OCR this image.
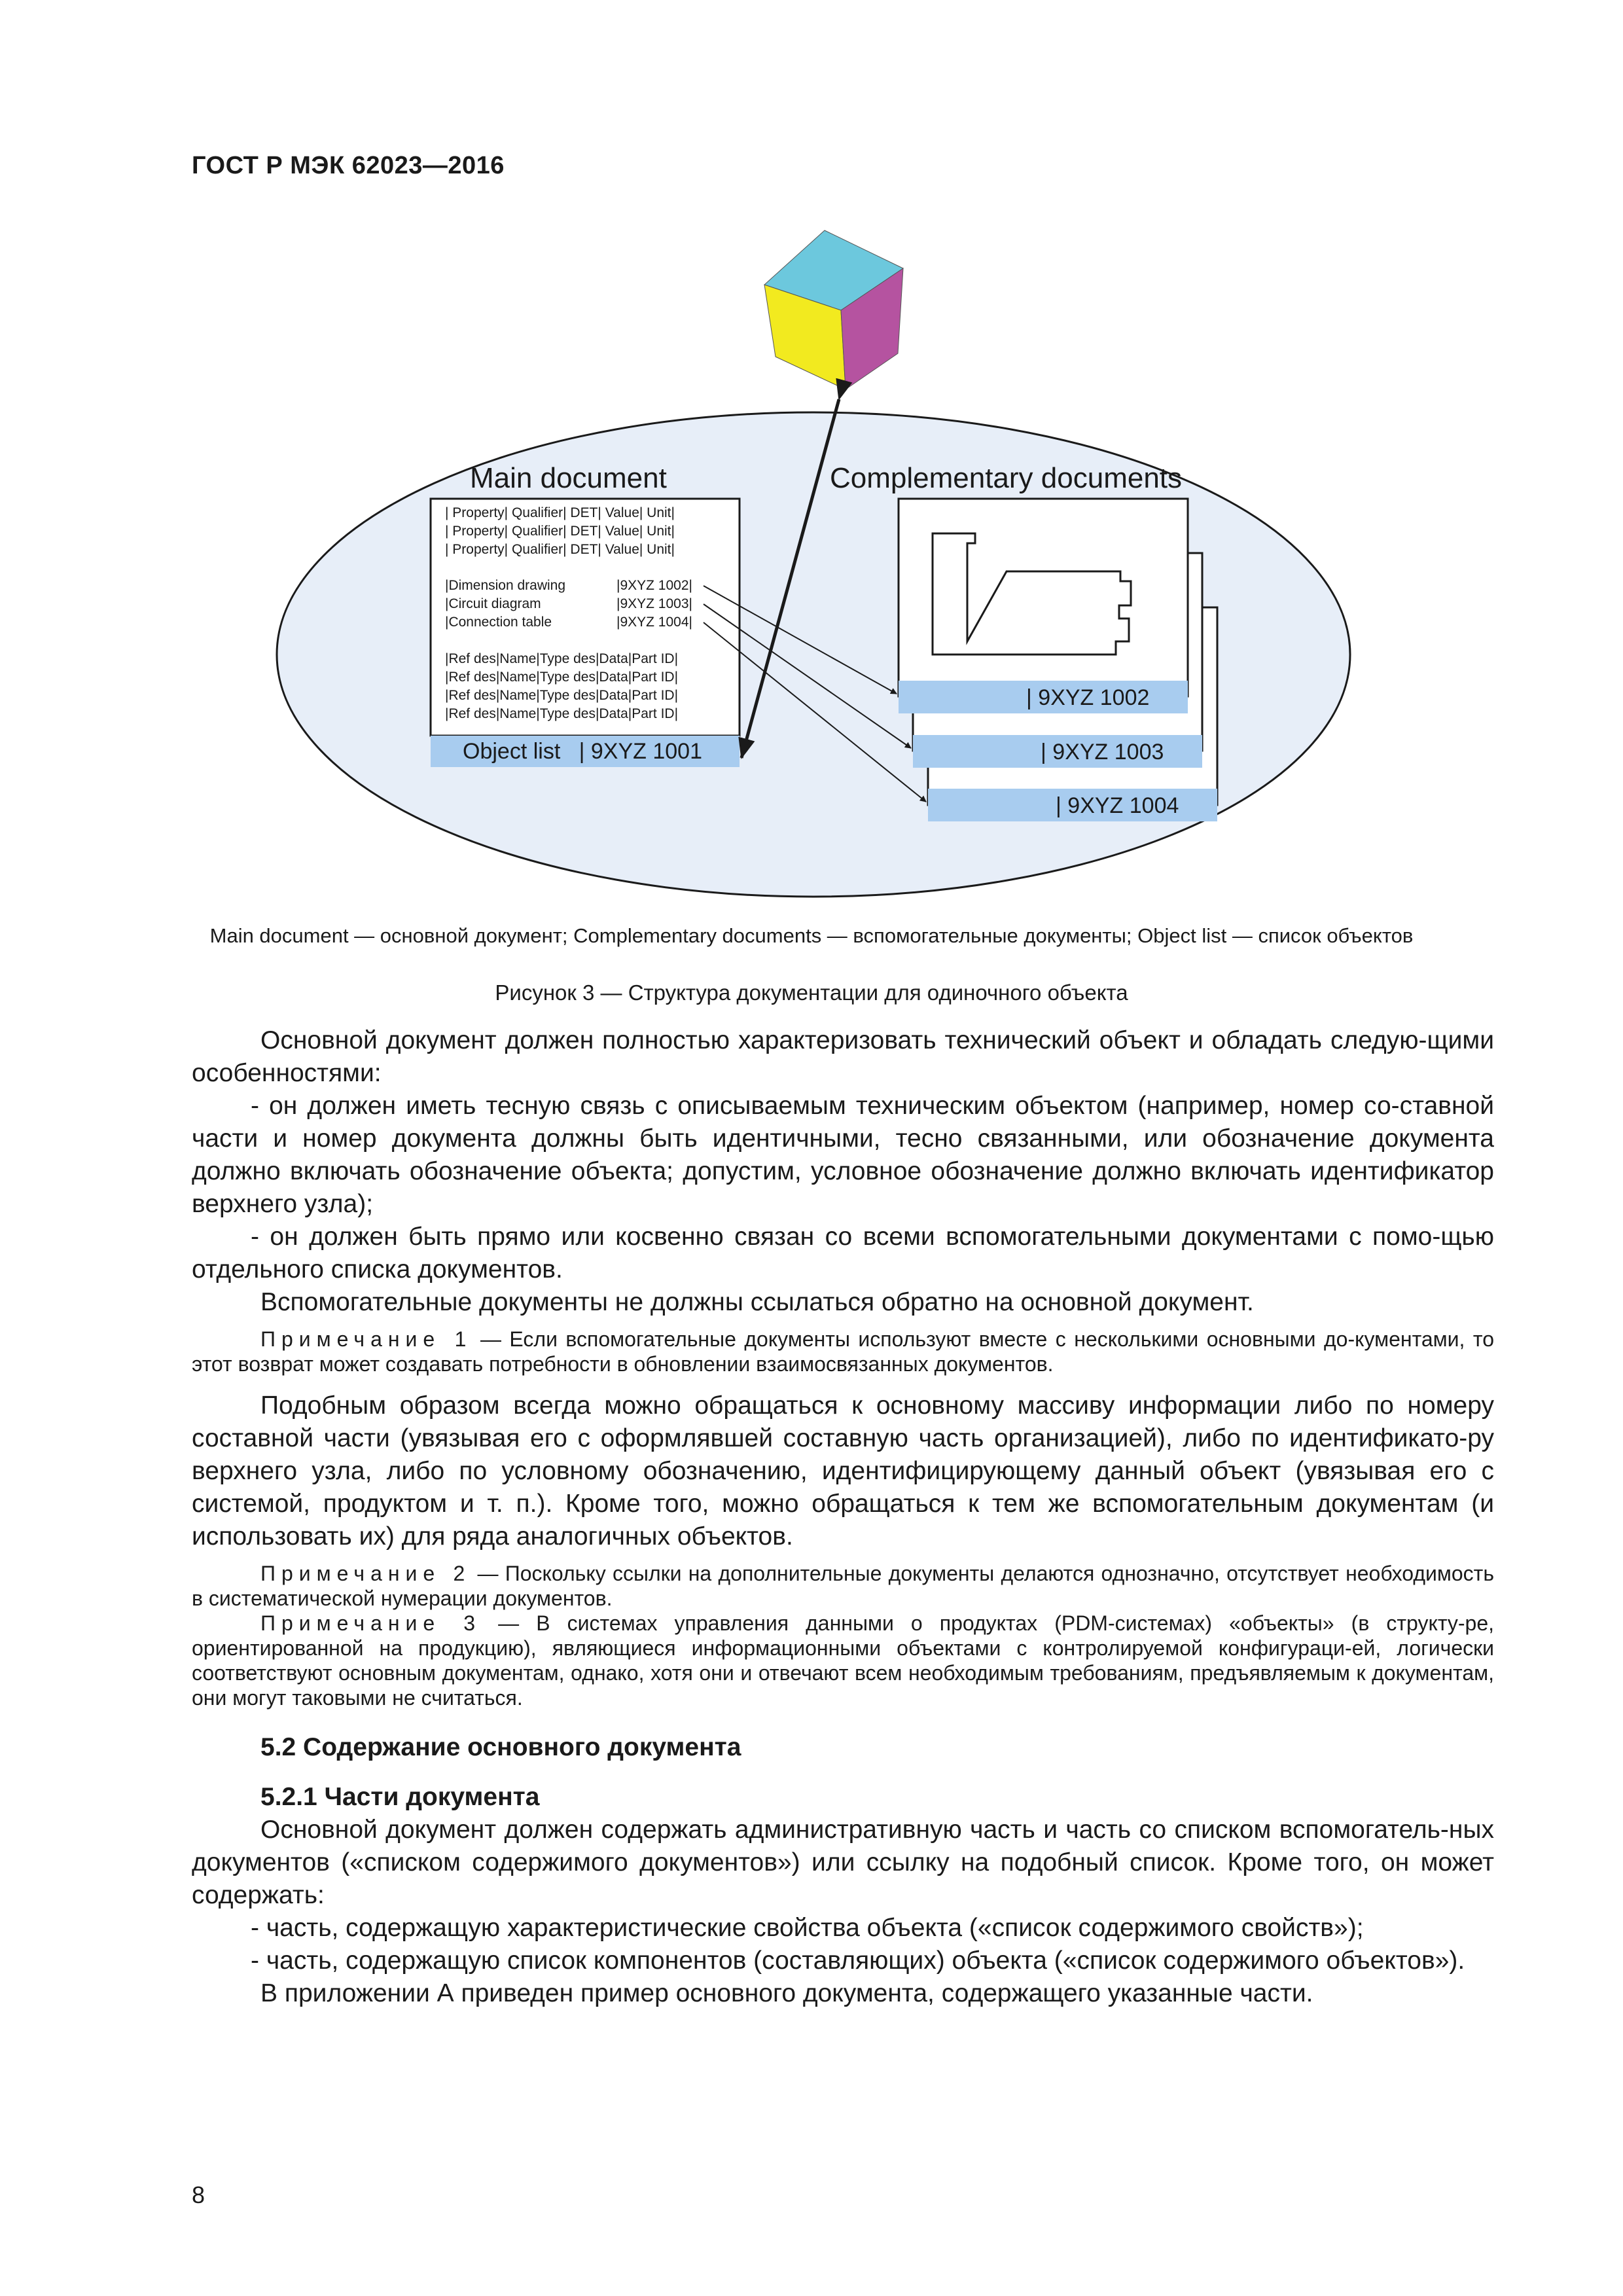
ГОСТ Р МЭК 62023—2016
Main document
| Property| Qualifier| DET| Value| Unit|
| Property| Qualifier| DET| Value| Unit|
| Property| Qualifier| DET| Value| Unit|
|Dimension drawing	|9XYZ 1002|
|Circuit diagram	|9XYZ 1003|
|Connection table	|9XYZ 1004|
|Ref des|Name|Type des|Data|Part ID|
|Ref des|Name|Type des|Data|Part ID|
|Ref des|Name|Type des|Data|Part ID|
|Ref des|Name|Type des|Data|Part ID|
Object list   | 9XYZ 1001
Complementary documents
| 9XYZ 1002
| 9XYZ 1003
| 9XYZ 1004
Main document — основной документ; Complementary documents — вспомогательные документы; Object list — список объектов
Рисунок 3 — Структура документации для одиночного объекта

Основной документ должен полностью характеризовать технический объект и обладать следую-щими особенностями:

- он должен иметь тесную связь с описываемым техническим объектом (например, номер со-ставной части и номер документа должны быть идентичными, тесно связанными, или обозначение документа должно включать обозначение объекта; допустим, условное обозначение должно включать идентификатор верхнего узла);

- он должен быть прямо или косвенно связан со всеми вспомогательными документами с помо-щью отдельного списка документов.

Вспомогательные документы не должны ссылаться обратно на основной документ.

Примечание 1 — Если вспомогательные документы используют вместе с несколькими основными до-кументами, то этот возврат может создавать потребности в обновлении взаимосвязанных документов.

Подобным образом всегда можно обращаться к основному массиву информации либо по номеру составной части (увязывая его с оформлявшей составную часть организацией), либо по идентификато-ру верхнего узла, либо по условному обозначению, идентифицирующему данный объект (увязывая его с системой, продуктом и т. п.). Кроме того, можно обращаться к тем же вспомогательным документам (и использовать их) для ряда аналогичных объектов.

Примечание 2 — Поскольку ссылки на дополнительные документы делаются однозначно, отсутствует необходимость в систематической нумерации документов.

Примечание 3 — В системах управления данными о продуктах (PDM-системах) «объекты» (в структу-ре, ориентированной на продукцию), являющиеся информационными объектами с контролируемой конфигураци-ей, логически соответствуют основным документам, однако, хотя они и отвечают всем необходимым требованиям, предъявляемым к документам, они могут таковыми не считаться.

5.2 Содержание основного документа

5.2.1 Части документа

Основной документ должен содержать административную часть и часть со списком вспомогатель-ных документов («списком содержимого документов») или ссылку на подобный список. Кроме того, он может содержать:

- часть, содержащую характеристические свойства объекта («список содержимого свойств»);

- часть, содержащую список компонентов (составляющих) объекта («список содержимого объектов»).

В приложении А приведен пример основного документа, содержащего указанные части.

8
